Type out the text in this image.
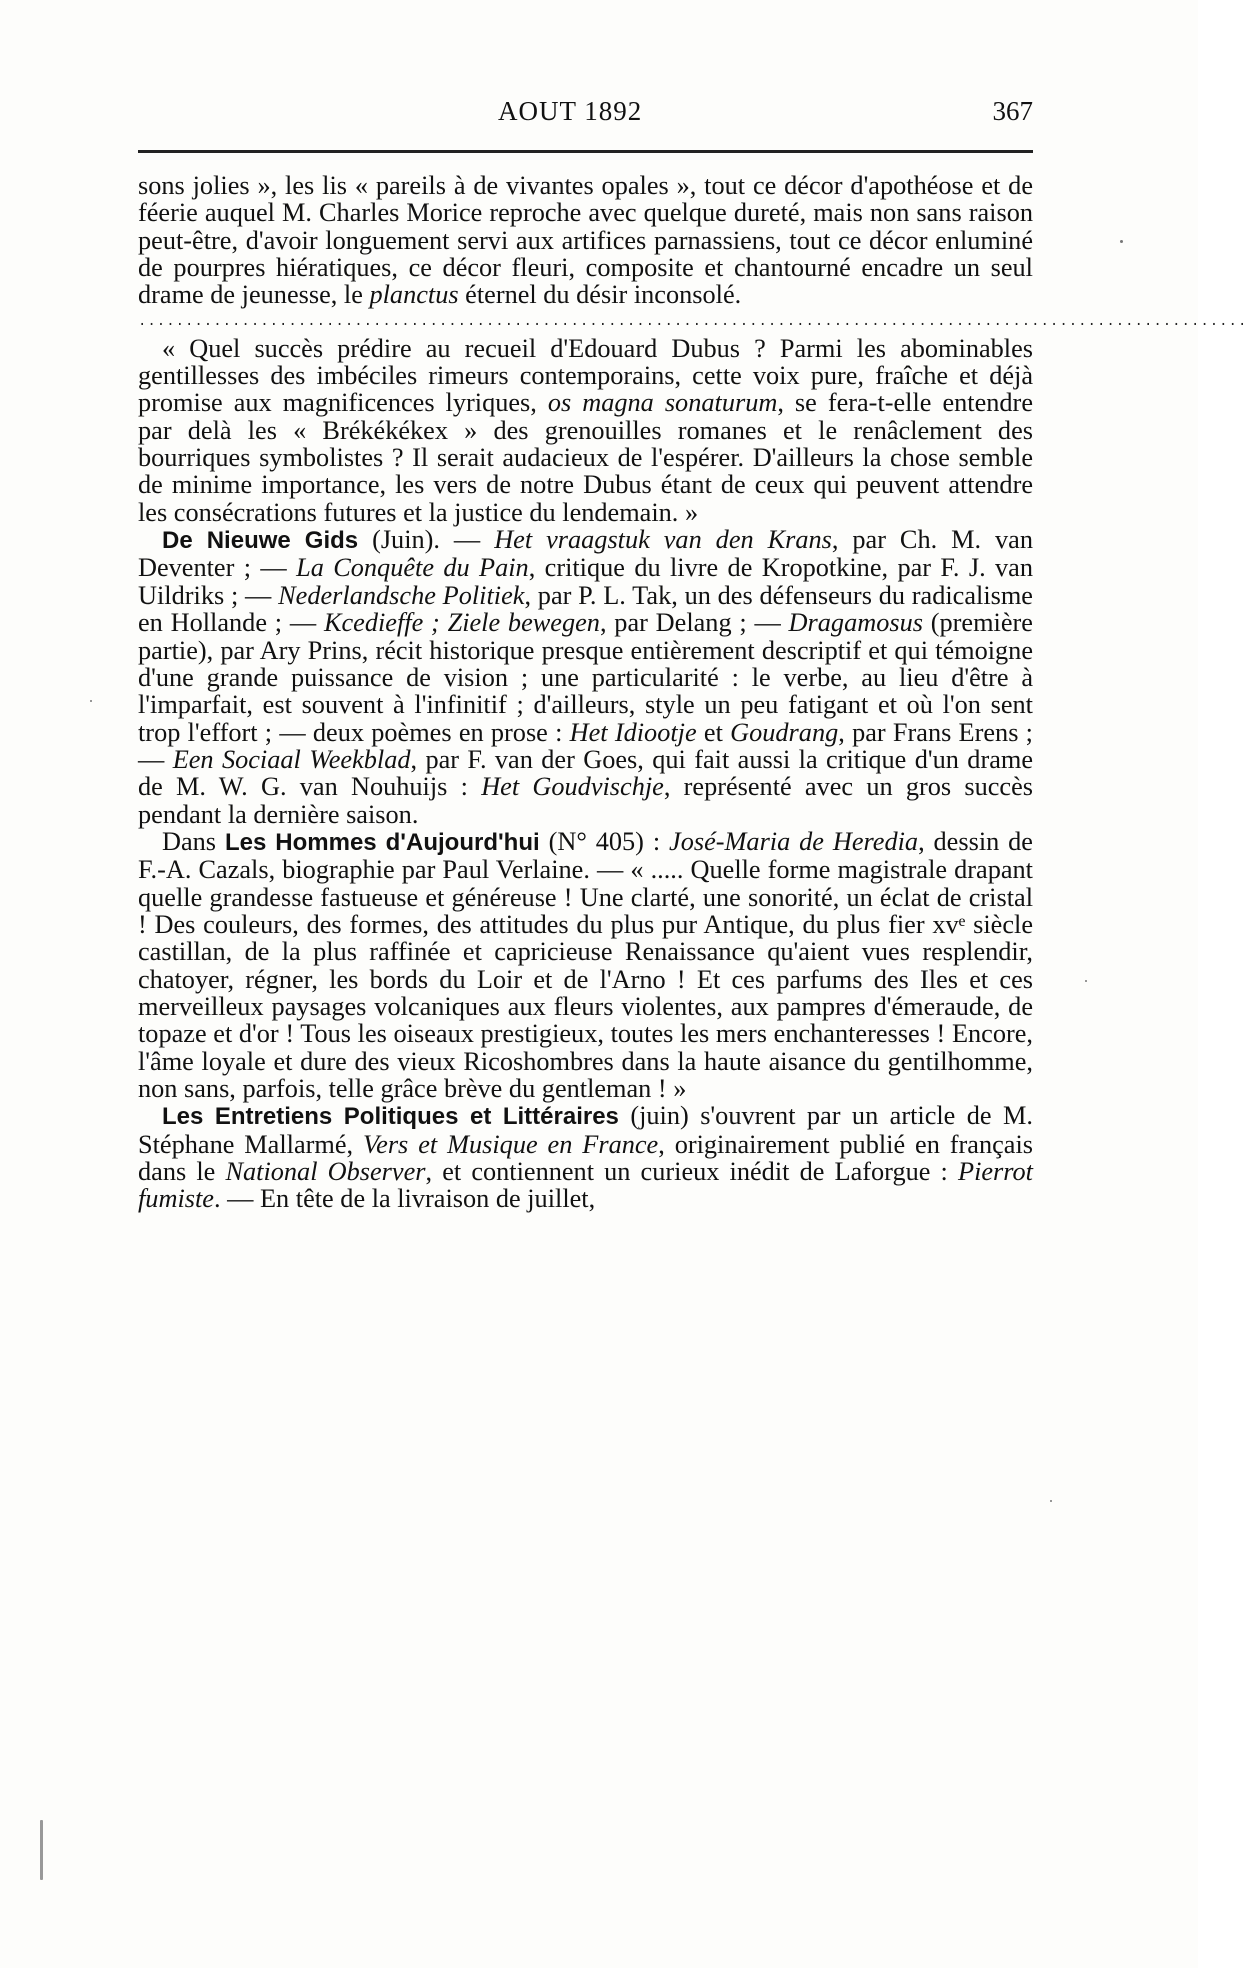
AOUT 1892	367

sons jolies », les lis « pareils à de vivantes opales », tout ce décor d'apothéose et de féerie auquel M. Charles Morice reproche avec quelque dureté, mais non sans raison peut-être, d'avoir longuement servi aux artifices parnassiens, tout ce décor enluminé de pourpres hiératiques, ce décor fleuri, composite et chantourné encadre un seul drame de jeunesse, le planctus éternel du désir inconsolé.

......................................................................................................................

« Quel succès prédire au recueil d'Edouard Dubus ? Parmi les abominables gentillesses des imbéciles rimeurs contemporains, cette voix pure, fraîche et déjà promise aux magnificences lyriques, os magna sonaturum, se fera-t-elle entendre par delà les « Brékékékex » des grenouilles romanes et le renâclement des bourriques symbolistes ? Il serait audacieux de l'espérer. D'ailleurs la chose semble de minime importance, les vers de notre Dubus étant de ceux qui peuvent attendre les consécrations futures et la justice du lendemain. »

De Nieuwe Gids (Juin). — Het vraagstuk van den Krans, par Ch. M. van Deventer ; — La Conquête du Pain, critique du livre de Kropotkine, par F. J. van Uildriks ; — Nederlandsche Politiek, par P. L. Tak, un des défenseurs du radicalisme en Hollande ; — Kcedieffe ; Ziele bewegen, par Delang ; — Dragamosus (première partie), par Ary Prins, récit historique presque entièrement descriptif et qui témoigne d'une grande puissance de vision ; une particularité : le verbe, au lieu d'être à l'imparfait, est souvent à l'infinitif ; d'ailleurs, style un peu fatigant et où l'on sent trop l'effort ; — deux poèmes en prose : Het Idiootje et Goudrang, par Frans Erens ; — Een Sociaal Weekblad, par F. van der Goes, qui fait aussi la critique d'un drame de M. W. G. van Nouhuijs : Het Goudvischje, représenté avec un gros succès pendant la dernière saison.

Dans Les Hommes d'Aujourd'hui (N° 405) : José-Maria de Heredia, dessin de F.-A. Cazals, biographie par Paul Verlaine. — « ..... Quelle forme magistrale drapant quelle grandesse fastueuse et généreuse ! Une clarté, une sonorité, un éclat de cristal ! Des couleurs, des formes, des attitudes du plus pur Antique, du plus fier xvᵉ siècle castillan, de la plus raffinée et capricieuse Renaissance qu'aient vues resplendir, chatoyer, régner, les bords du Loir et de l'Arno ! Et ces parfums des Iles et ces merveilleux paysages volcaniques aux fleurs violentes, aux pampres d'émeraude, de topaze et d'or ! Tous les oiseaux prestigieux, toutes les mers enchanteresses ! Encore, l'âme loyale et dure des vieux Ricoshombres dans la haute aisance du gentilhomme, non sans, parfois, telle grâce brève du gentleman ! »

Les Entretiens Politiques et Littéraires (juin) s'ouvrent par un article de M. Stéphane Mallarmé, Vers et Musique en France, originairement publié en français dans le National Observer, et contiennent un curieux inédit de Laforgue : Pierrot fumiste. — En tête de la livraison de juillet,
